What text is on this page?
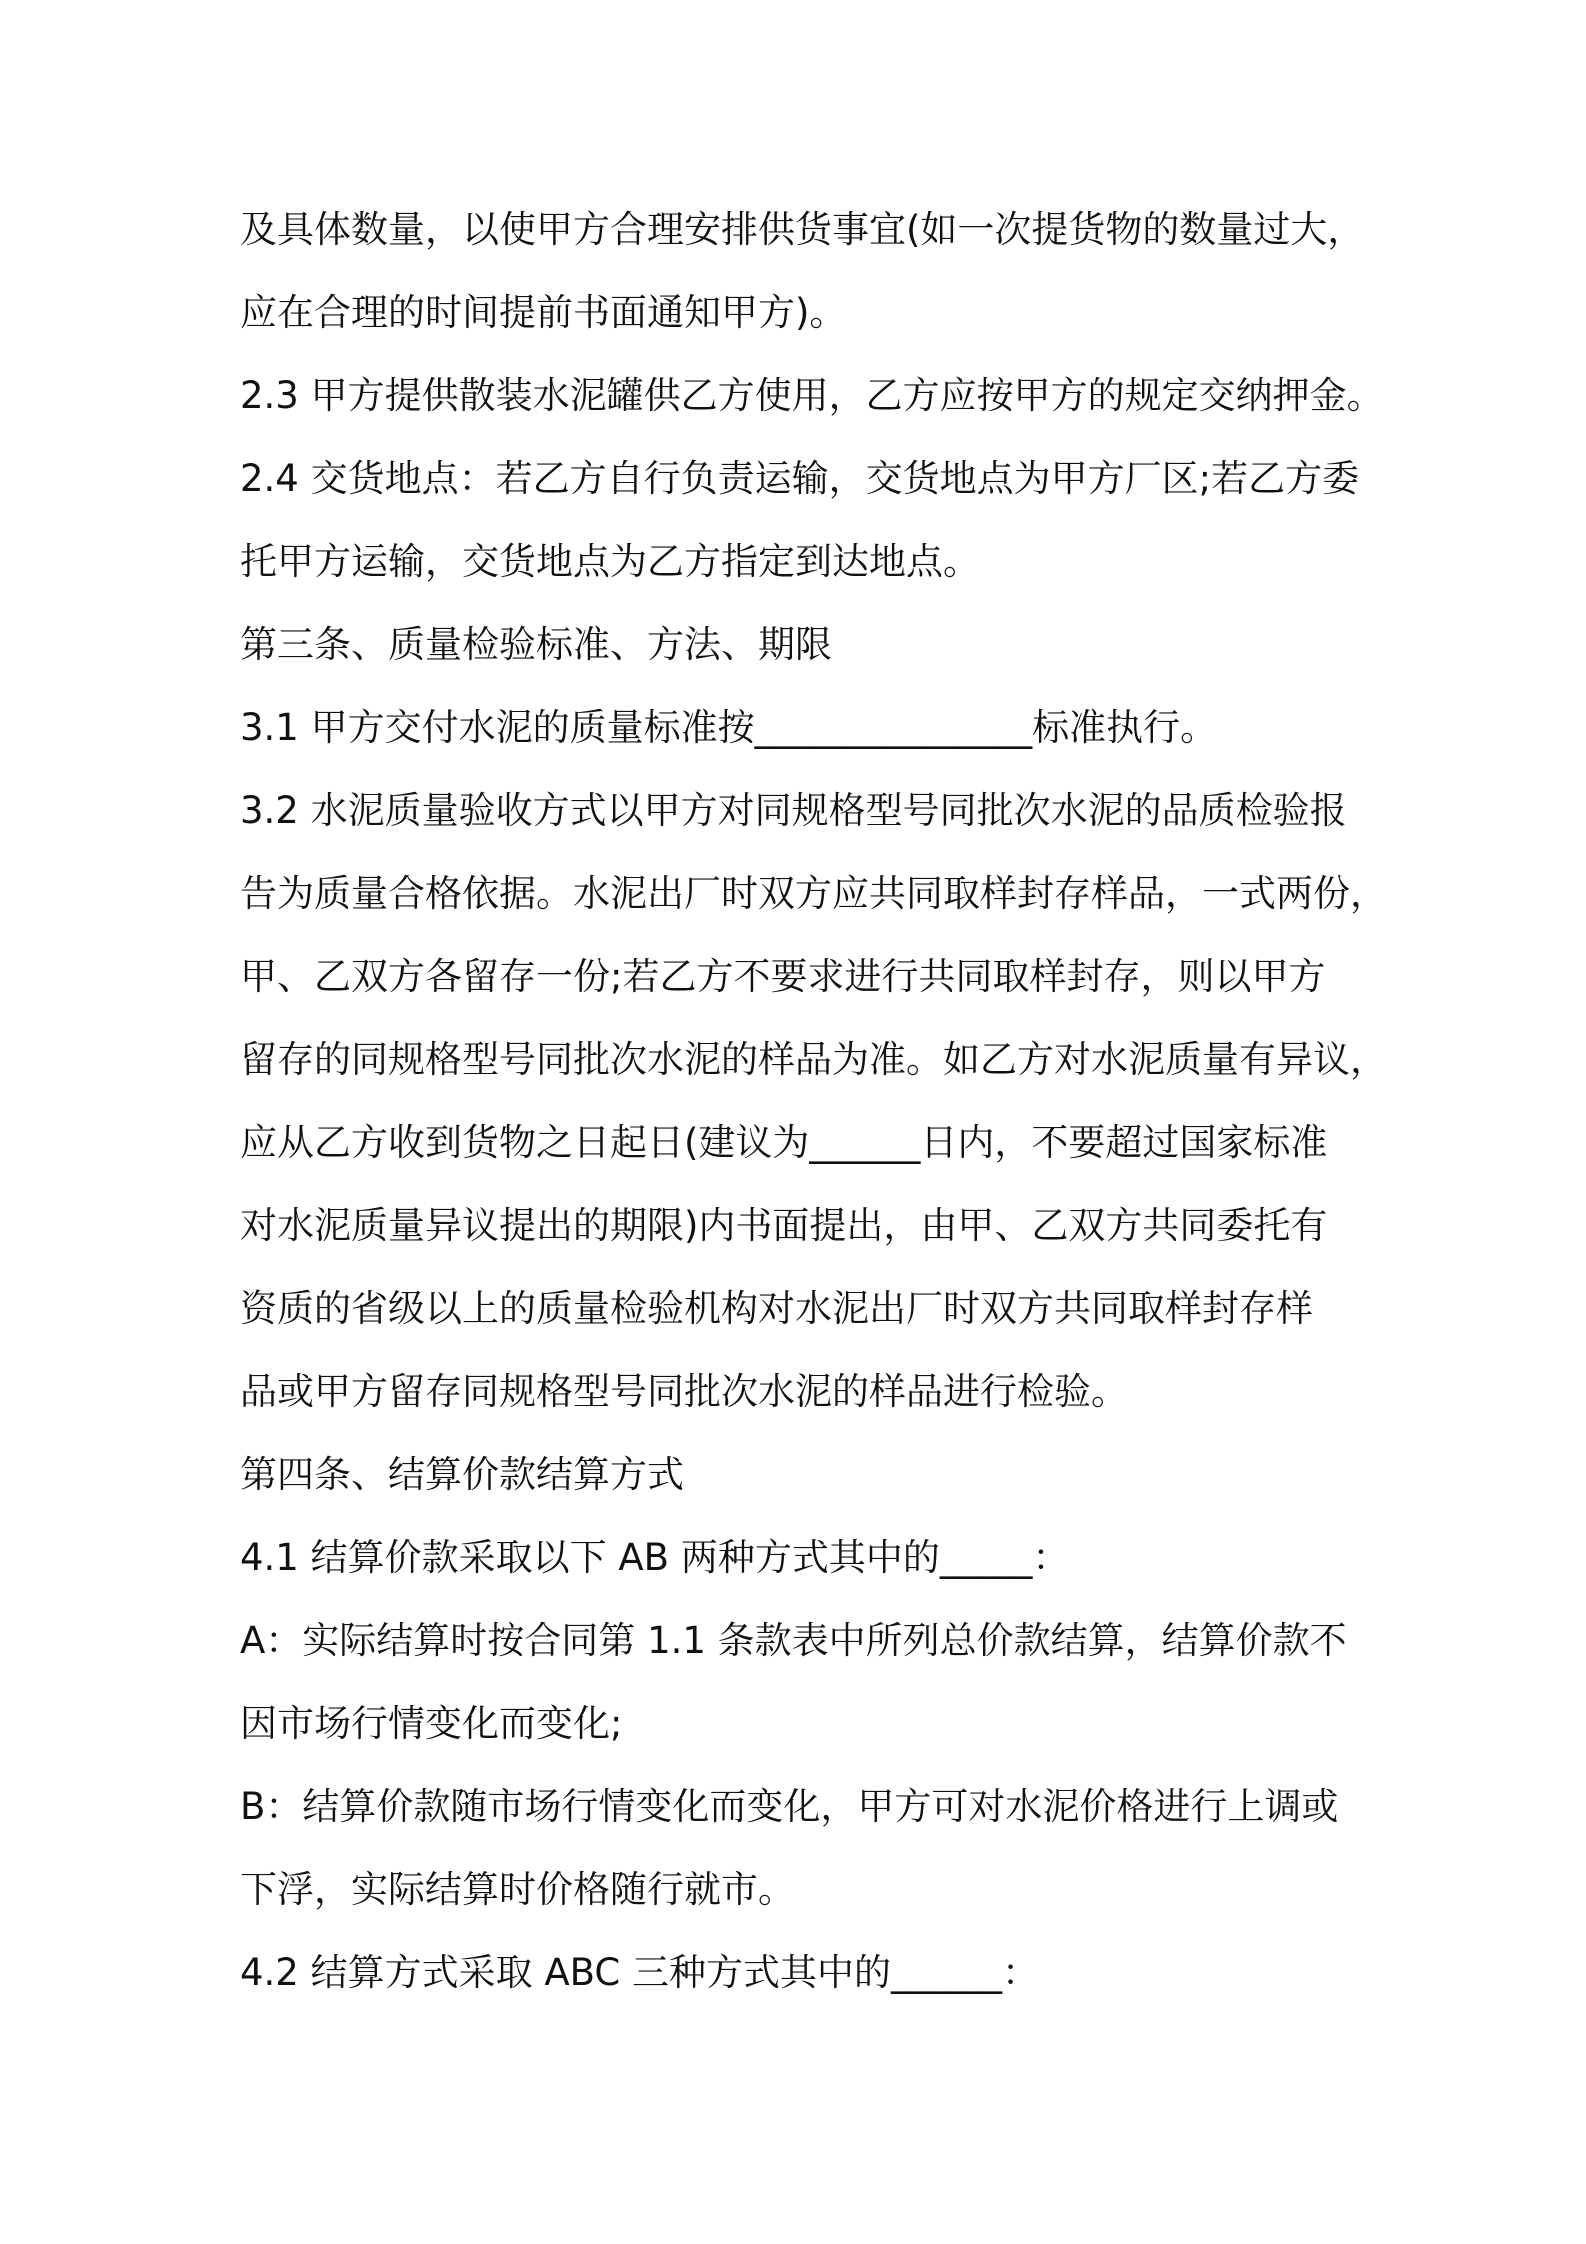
及具体数量，以使甲方合理安排供货事宜(如一次提货物的数量过大，
应在合理的时间提前书面通知甲方)。
2.3 甲方提供散装水泥罐供乙方使用，乙方应按甲方的规定交纳押金。
2.4 交货地点：若乙方自行负责运输，交货地点为甲方厂区;若乙方委
托甲方运输，交货地点为乙方指定到达地点。
第三条、质量检验标准、方法、期限
3.1 甲方交付水泥的质量标准按_______________标准执行。
3.2 水泥质量验收方式以甲方对同规格型号同批次水泥的品质检验报
告为质量合格依据。水泥出厂时双方应共同取样封存样品，一式两份，
甲、乙双方各留存一份;若乙方不要求进行共同取样封存，则以甲方
留存的同规格型号同批次水泥的样品为准。如乙方对水泥质量有异议，
应从乙方收到货物之日起日(建议为______日内，不要超过国家标准
对水泥质量异议提出的期限)内书面提出，由甲、乙双方共同委托有
资质的省级以上的质量检验机构对水泥出厂时双方共同取样封存样
品或甲方留存同规格型号同批次水泥的样品进行检验。
第四条、结算价款结算方式
4.1 结算价款采取以下 AB 两种方式其中的_____：
A：实际结算时按合同第 1.1 条款表中所列总价款结算，结算价款不
因市场行情变化而变化;
B：结算价款随市场行情变化而变化，甲方可对水泥价格进行上调或
下浮，实际结算时价格随行就市。
4.2 结算方式采取 ABC 三种方式其中的______：
